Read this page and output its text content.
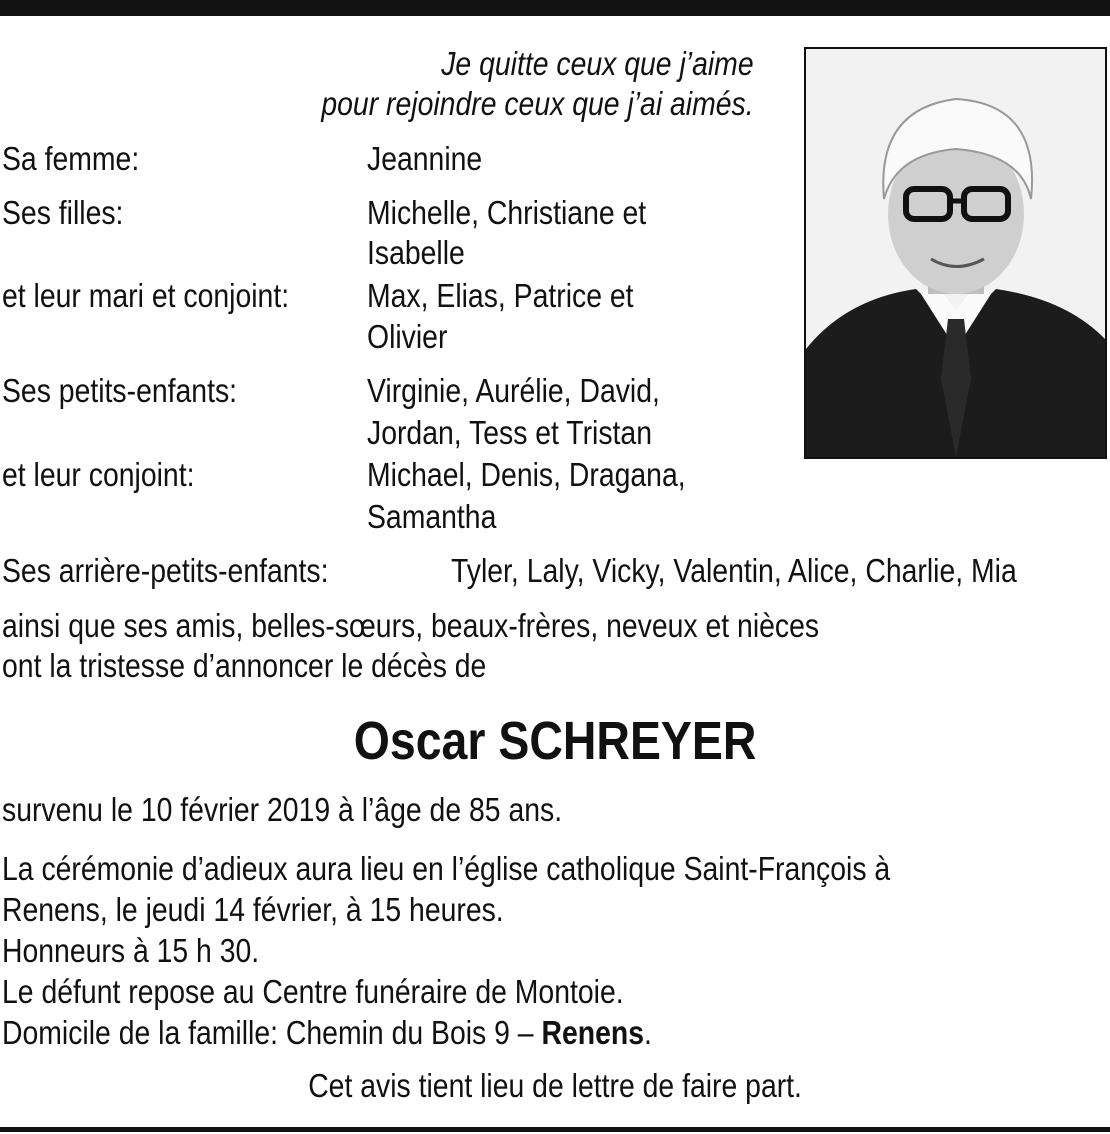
Je quitte ceux que j’aime
pour rejoindre ceux que j’ai aimés.
Sa femme:	Jeannine
Ses filles:	Michelle, Christiane et
Isabelle
et leur mari et conjoint: Max, Elias, Patrice et
Olivier
Ses petits-enfants:	Virginie, Aurélie, David,
Jordan, Tess et Tristan
et leur conjoint:	Michael, Denis, Dragana,
Samantha
Ses arrière-petits-enfants:	Tyler, Laly, Vicky, Valentin, Alice, Charlie, Mia
ainsi que ses amis, belles-sœurs, beaux-frères, neveux et nièces
ont la tristesse d’annoncer le décès de
Oscar SCHREYER
survenu le 10 février 2019 à l’âge de 85 ans.
La cérémonie d’adieux aura lieu en l’église catholique Saint-François à
Renens, le jeudi 14 février, à 15 heures.
Honneurs à 15 h 30.
Le défunt repose au Centre funéraire de Montoie.
Domicile de la famille: Chemin du Bois 9 – Renens.
Cet avis tient lieu de lettre de faire part.
